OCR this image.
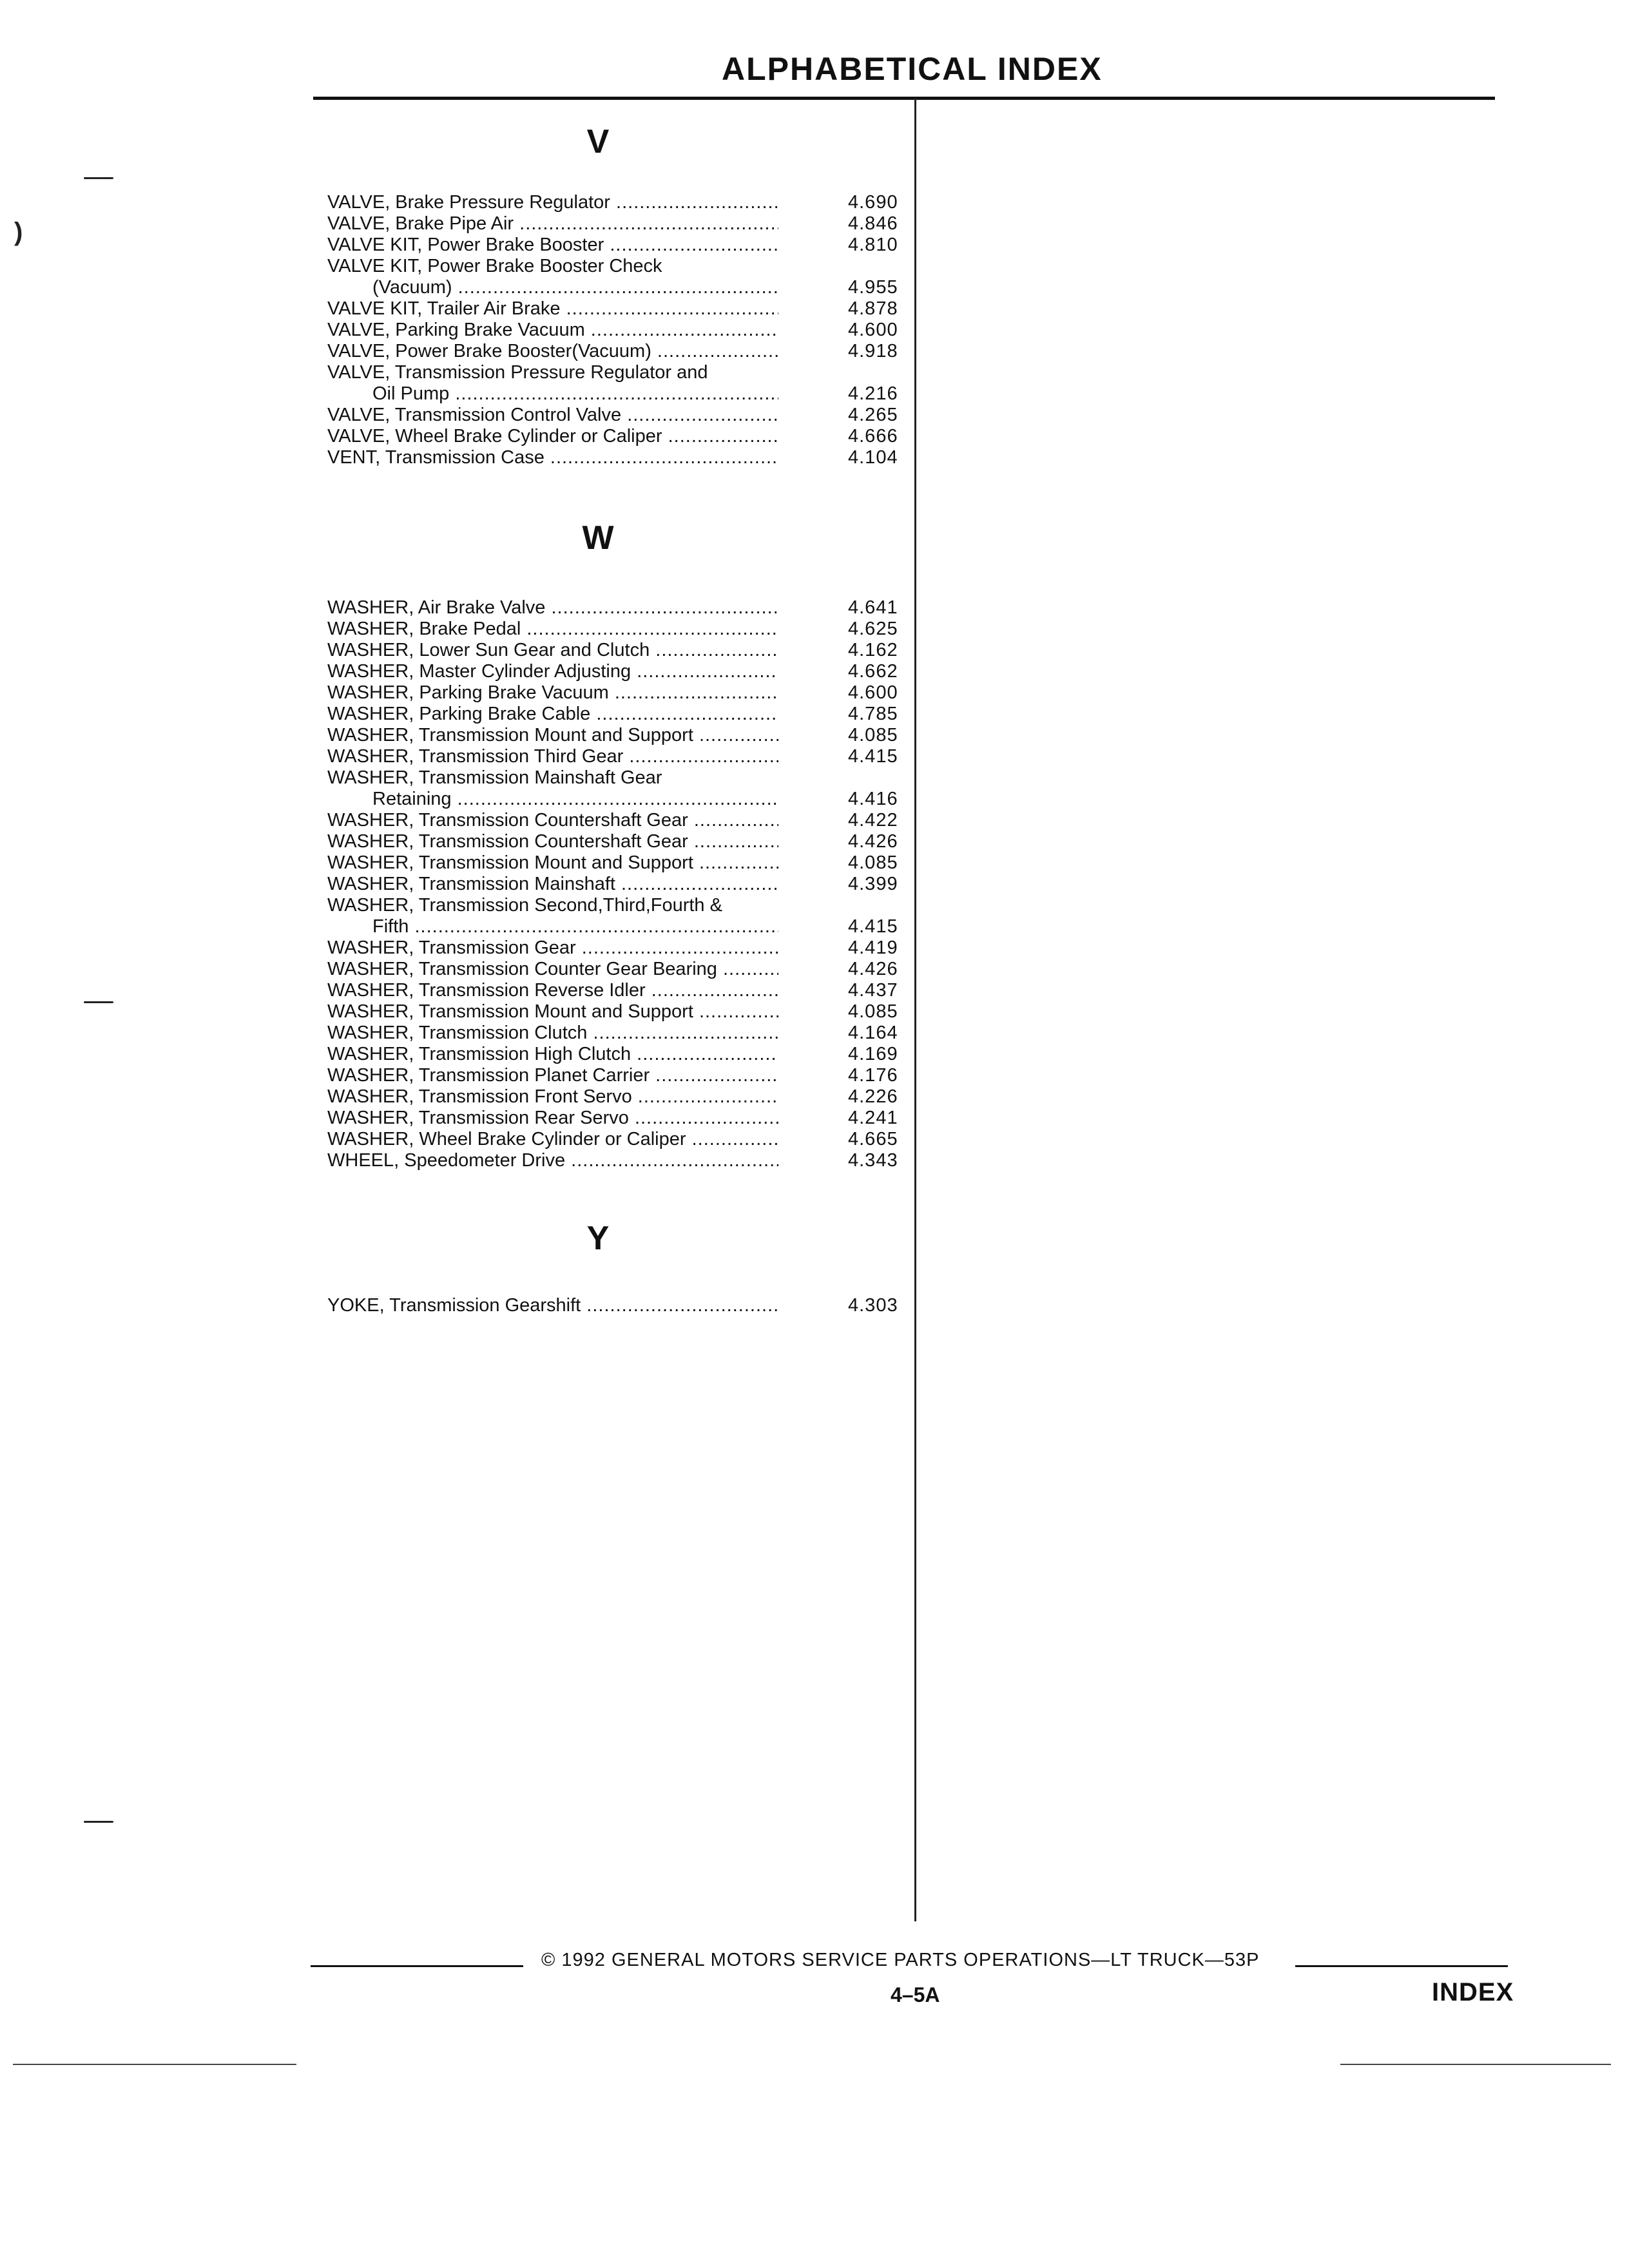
ALPHABETICAL INDEX
V
VALVE, Brake Pressure Regulator .....	4.690
VALVE, Brake Pipe Air .....	4.846
VALVE KIT, Power Brake Booster .....	4.810
VALVE KIT, Power Brake Booster Check
(Vacuum) .....	4.955
VALVE KIT, Trailer Air Brake .....	4.878
VALVE, Parking Brake Vacuum .....	4.600
VALVE, Power Brake Booster(Vacuum) .....	4.918
VALVE, Transmission Pressure Regulator and
Oil Pump .....	4.216
VALVE, Transmission Control Valve .....	4.265
VALVE, Wheel Brake Cylinder or Caliper .....	4.666
VENT, Transmission Case .....	4.104
W
WASHER, Air Brake Valve .....	4.641
WASHER, Brake Pedal .....	4.625
WASHER, Lower Sun Gear and Clutch .....	4.162
WASHER, Master Cylinder Adjusting .....	4.662
WASHER, Parking Brake Vacuum .....	4.600
WASHER, Parking Brake Cable .....	4.785
WASHER, Transmission Mount and Support .....	4.085
WASHER, Transmission Third Gear .....	4.415
WASHER, Transmission Mainshaft Gear
Retaining .....	4.416
WASHER, Transmission Countershaft Gear .....	4.422
WASHER, Transmission Countershaft Gear .....	4.426
WASHER, Transmission Mount and Support .....	4.085
WASHER, Transmission Mainshaft .....	4.399
WASHER, Transmission Second,Third,Fourth &
Fifth .....	4.415
WASHER, Transmission Gear .....	4.419
WASHER, Transmission Counter Gear Bearing .....	4.426
WASHER, Transmission Reverse Idler .....	4.437
WASHER, Transmission Mount and Support .....	4.085
WASHER, Transmission Clutch .....	4.164
WASHER, Transmission High Clutch .....	4.169
WASHER, Transmission Planet Carrier .....	4.176
WASHER, Transmission Front Servo .....	4.226
WASHER, Transmission Rear Servo .....	4.241
WASHER, Wheel Brake Cylinder or Caliper .....	4.665
WHEEL, Speedometer Drive .....	4.343
Y
YOKE, Transmission Gearshift .....	4.303
© 1992 GENERAL MOTORS SERVICE PARTS OPERATIONS—LT TRUCK—53P
4–5A	INDEX
)
